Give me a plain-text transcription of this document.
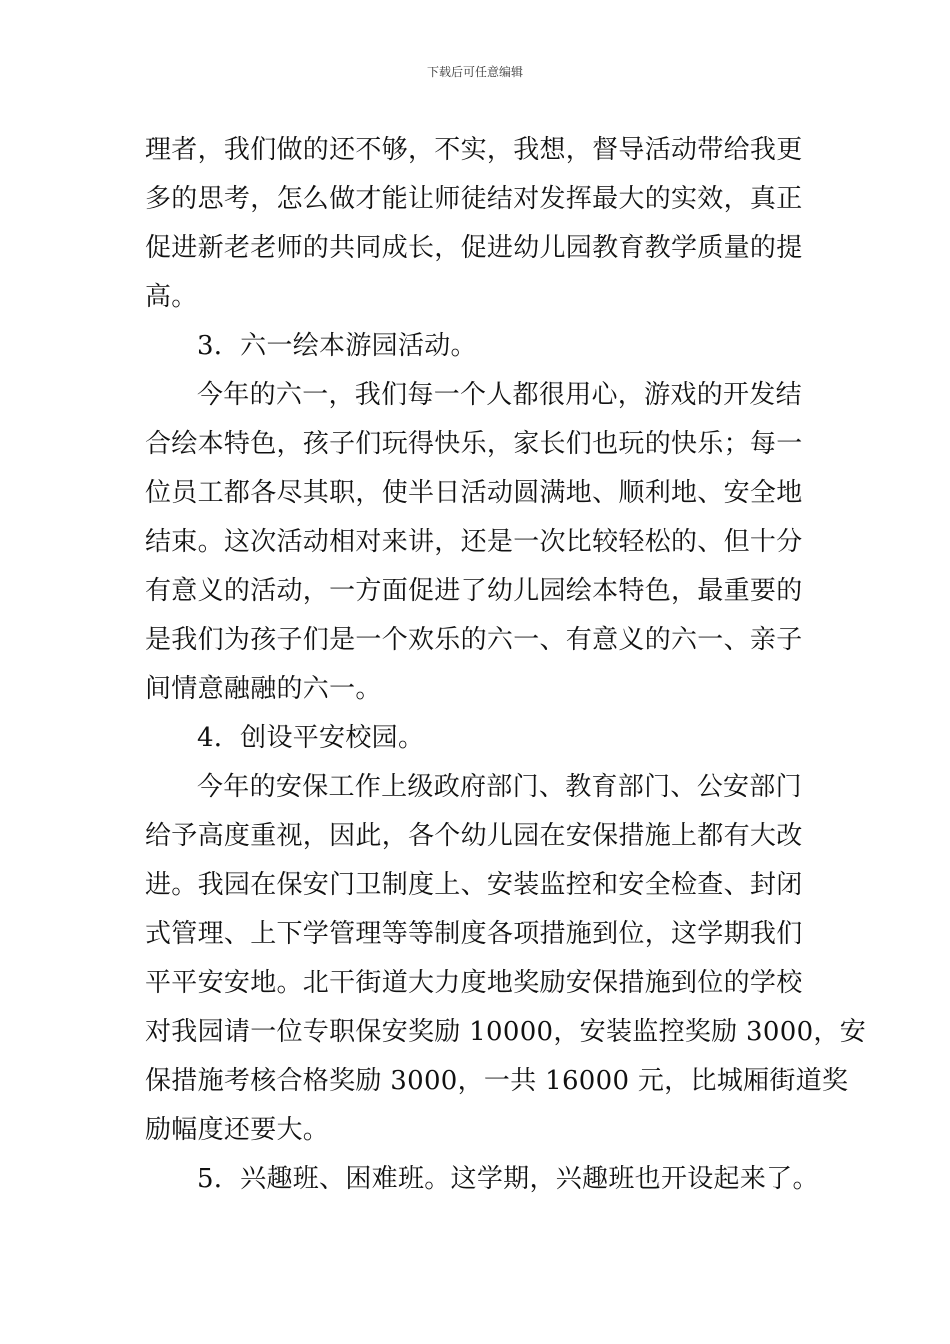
下载后可任意编辑
理者，我们做的还不够，不实，我想，督导活动带给我更
多的思考，怎么做才能让师徒结对发挥最大的实效，真正
促进新老老师的共同成长，促进幼儿园教育教学质量的提
高。
3．六一绘本游园活动。
今年的六一，我们每一个人都很用心，游戏的开发结
合绘本特色，孩子们玩得快乐，家长们也玩的快乐；每一
位员工都各尽其职，使半日活动圆满地、顺利地、安全地
结束。这次活动相对来讲，还是一次比较轻松的、但十分
有意义的活动，一方面促进了幼儿园绘本特色，最重要的
是我们为孩子们是一个欢乐的六一、有意义的六一、亲子
间情意融融的六一。
4．创设平安校园。
今年的安保工作上级政府部门、教育部门、公安部门
给予高度重视，因此，各个幼儿园在安保措施上都有大改
进。我园在保安门卫制度上、安装监控和安全检查、封闭
式管理、上下学管理等等制度各项措施到位，这学期我们
平平安安地。北干街道大力度地奖励安保措施到位的学校
对我园请一位专职保安奖励 10000，安装监控奖励 3000，安
保措施考核合格奖励 3000，一共 16000 元，比城厢街道奖
励幅度还要大。
5．兴趣班、困难班。这学期，兴趣班也开设起来了。
